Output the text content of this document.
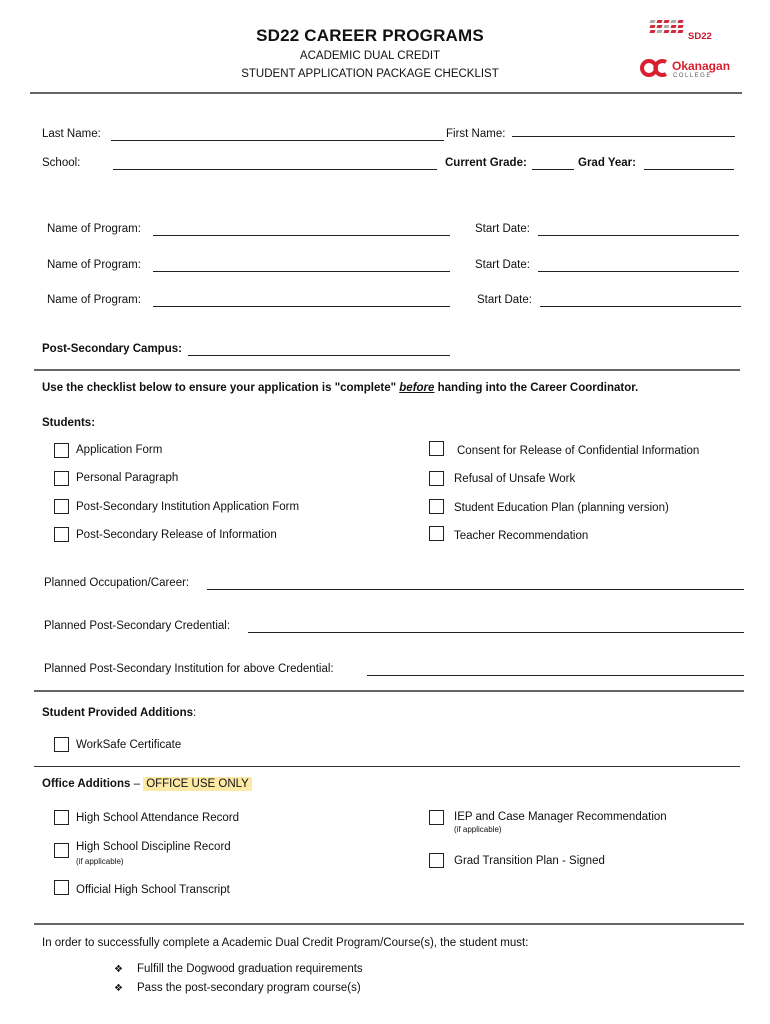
SD22 CAREER PROGRAMS
ACADEMIC DUAL CREDIT
STUDENT APPLICATION PACKAGE CHECKLIST
SD22
Okanagan
COLLEGE
Last Name:	First Name:
School:	Current Grade:	Grad Year:
Name of Program:	Start Date:
Name of Program:	Start Date:
Name of Program:	Start Date:
Post-Secondary Campus:
Use the checklist below to ensure your application is "complete" before handing into the Career Coordinator.
Students:
Application Form
Personal Paragraph
Post-Secondary Institution Application Form
Post-Secondary Release of Information
Consent for Release of Confidential Information
Refusal of Unsafe Work
Student Education Plan (planning version)
Teacher Recommendation
Planned Occupation/Career:
Planned Post-Secondary Credential:
Planned Post-Secondary Institution for above Credential:
Student Provided Additions:
WorkSafe Certificate
Office Additions – OFFICE USE ONLY
High School Attendance Record
High School Discipline Record
(if applicable)
Official High School Transcript
IEP and Case Manager Recommendation
(if applicable)
Grad Transition Plan - Signed
In order to successfully complete a Academic Dual Credit Program/Course(s), the student must:
❖ Fulfill the Dogwood graduation requirements
❖ Pass the post-secondary program course(s)
